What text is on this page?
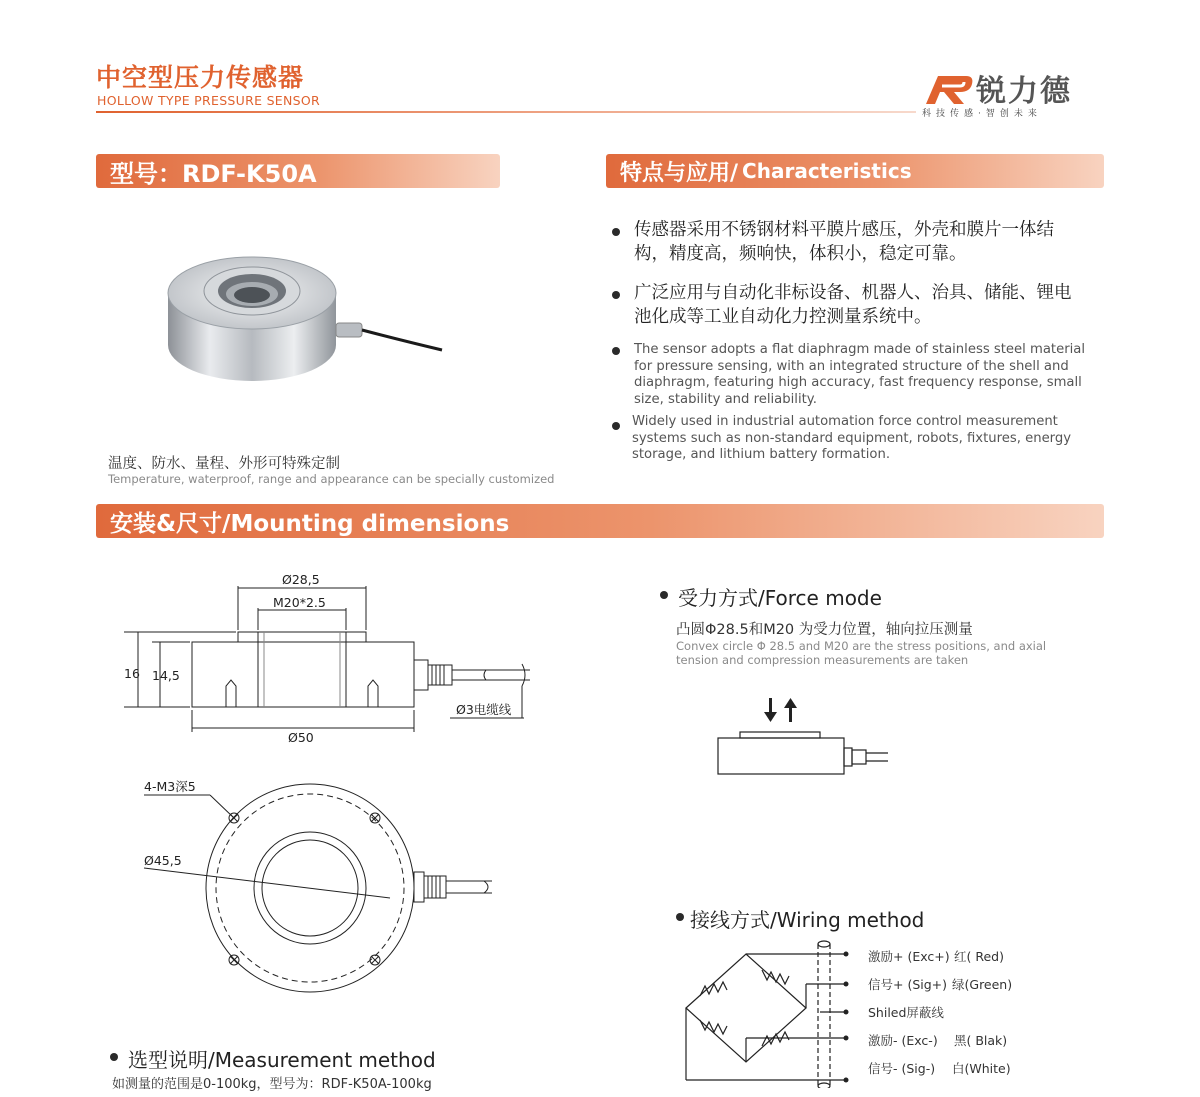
中空型压力传感器
HOLLOW TYPE PRESSURE SENSOR	锐力德
科技传感·智创未来
型号：RDF-K50A	特点与应用/ Characteristics
温度、防水、量程、外形可特殊定制
Temperature, waterproof, range and appearance can be specially customized
传感器采用不锈钢材料平膜片感压，外壳和膜片一体结构，精度高，频响快，体积小，稳定可靠。
广泛应用与自动化非标设备、机器人、治具、储能、锂电池化成等工业自动化力控测量系统中。
The sensor adopts a flat diaphragm made of stainless steel material for pressure sensing, with an integrated structure of the shell and diaphragm, featuring high accuracy, fast frequency response, small size, stability and reliability.
Widely used in industrial automation force control measurement systems such as non-standard equipment, robots, fixtures, energy storage, and lithium battery formation.
安装&尺寸/Mounting dimensions
Ø28,5
M20*2.5
16 14,5
Ø50
Ø3电缆线
4-M3深5
Ø45,5
受力方式/Force mode
凸圆Φ28.5和M20 为受力位置，轴向拉压测量
Convex circle Φ 28.5 and M20 are the stress positions, and axial tension and compression measurements are taken
接线方式/Wiring method
激励+ (Exc+) 红( Red)
信号+ (Sig+) 绿(Green)
Shiled屏蔽线
激励- (Exc-) 黑( Blak)
信号- (Sig-) 白(White)
选型说明/Measurement method
如测量的范围是0-100kg，型号为：RDF-K50A-100kg
